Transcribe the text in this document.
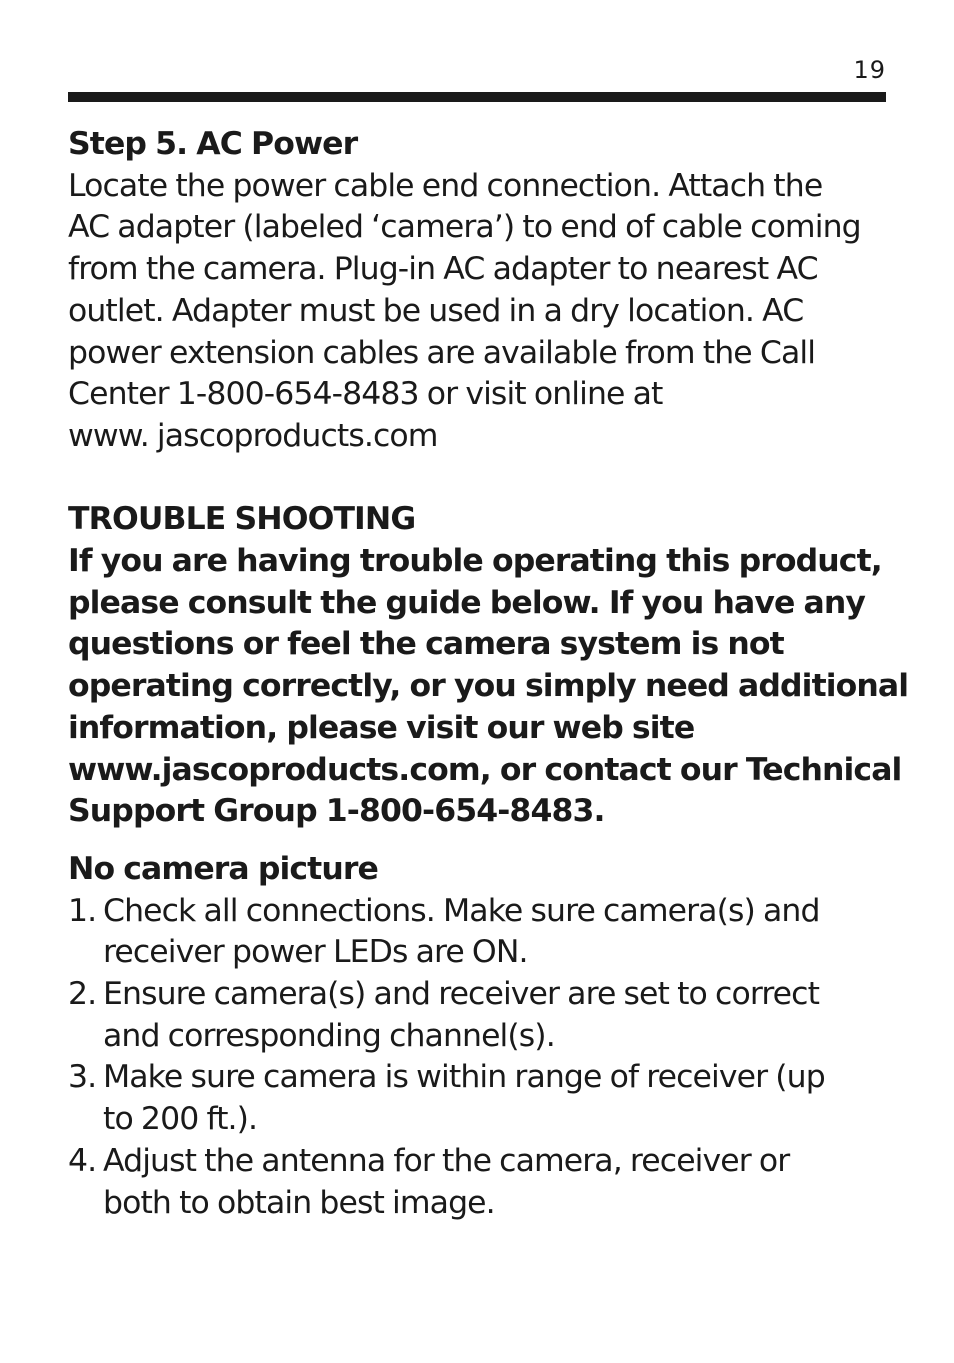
19
Step 5. AC Power
Locate the power cable end connection. Attach the
AC adapter (labeled ‘camera’) to end of cable coming
from the camera. Plug-in AC adapter to nearest AC
outlet. Adapter must be used in a dry location. AC
power extension cables are available from the Call
Center 1-800-654-8483 or visit online at
www. jascoproducts.com
TROUBLE SHOOTING
If you are having trouble operating this product,
please consult the guide below. If you have any
questions or feel the camera system is not
operating correctly, or you simply need additional
information, please visit our web site
www.jascoproducts.com, or contact our Technical
Support Group 1-800-654-8483.
No camera picture
1. Check all connections. Make sure camera(s) and
receiver power LEDs are ON.
2. Ensure camera(s) and receiver are set to correct
and corresponding channel(s).
3. Make sure camera is within range of receiver (up
to 200 ft.).
4. Adjust the antenna for the camera, receiver or
both to obtain best image.
